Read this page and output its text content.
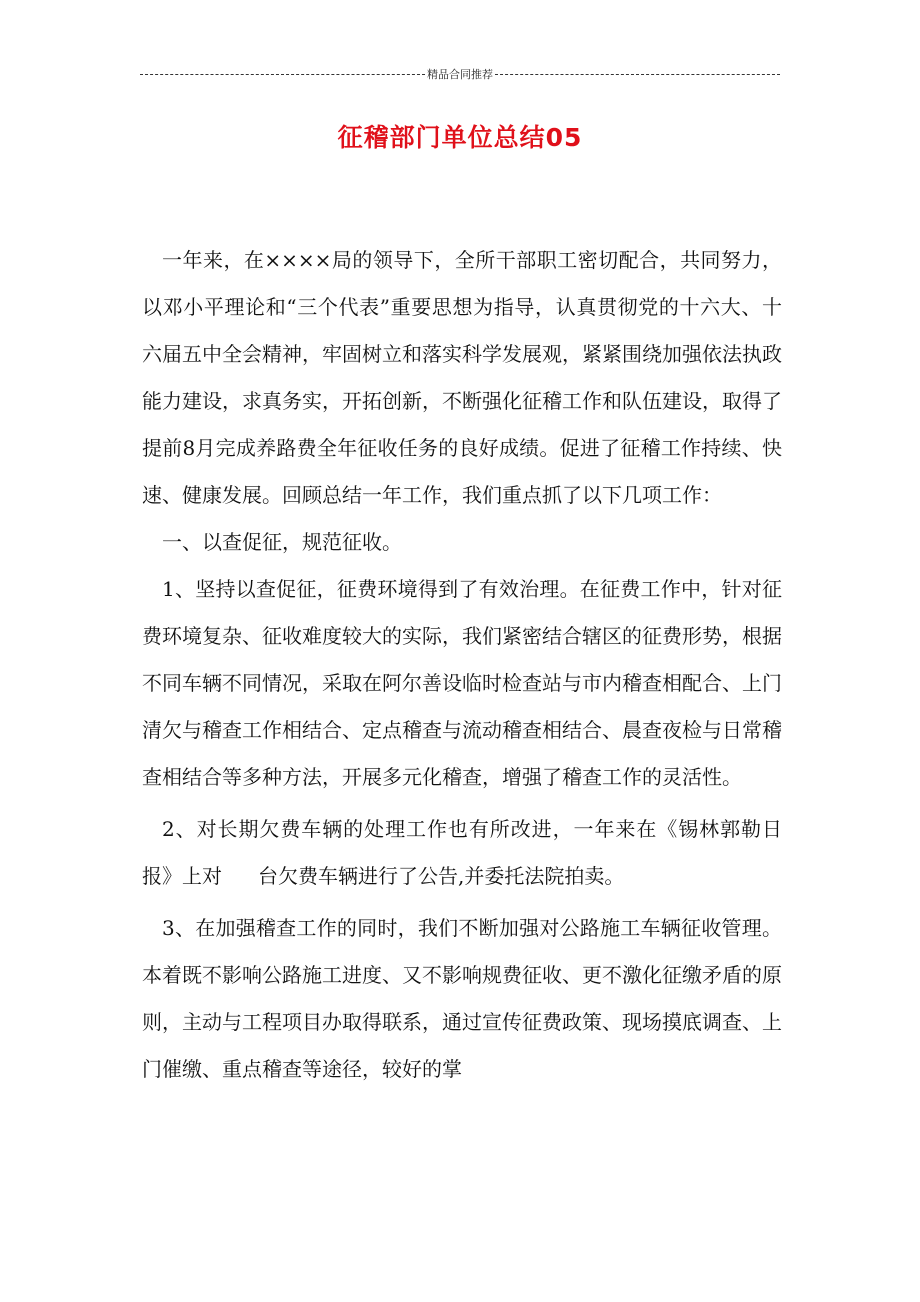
精品合同推荐
征稽部门单位总结05

一年来，在××××局的领导下，全所干部职工密切配合，共同努力，以邓小平理论和“三个代表”重要思想为指导，认真贯彻党的十六大、十六届五中全会精神，牢固树立和落实科学发展观，紧紧围绕加强依法执政能力建设，求真务实，开拓创新，不断强化征稽工作和队伍建设，取得了提前8月完成养路费全年征收任务的良好成绩。促进了征稽工作持续、快速、健康发展。回顾总结一年工作，我们重点抓了以下几项工作：

一、以查促征，规范征收。

1、坚持以查促征，征费环境得到了有效治理。在征费工作中，针对征费环境复杂、征收难度较大的实际，我们紧密结合辖区的征费形势，根据不同车辆不同情况，采取在阿尔善设临时检查站与市内稽查相配合、上门清欠与稽查工作相结合、定点稽查与流动稽查相结合、晨查夜检与日常稽查相结合等多种方法，开展多元化稽查，增强了稽查工作的灵活性。

2、对长期欠费车辆的处理工作也有所改进，一年来在《锡林郭勒日报》上对 台欠费车辆进行了公告,并委托法院拍卖。

3、在加强稽查工作的同时，我们不断加强对公路施工车辆征收管理。本着既不影响公路施工进度、又不影响规费征收、更不激化征缴矛盾的原则，主动与工程项目办取得联系，通过宣传征费政策、现场摸底调查、上门催缴、重点稽查等途径，较好的掌
